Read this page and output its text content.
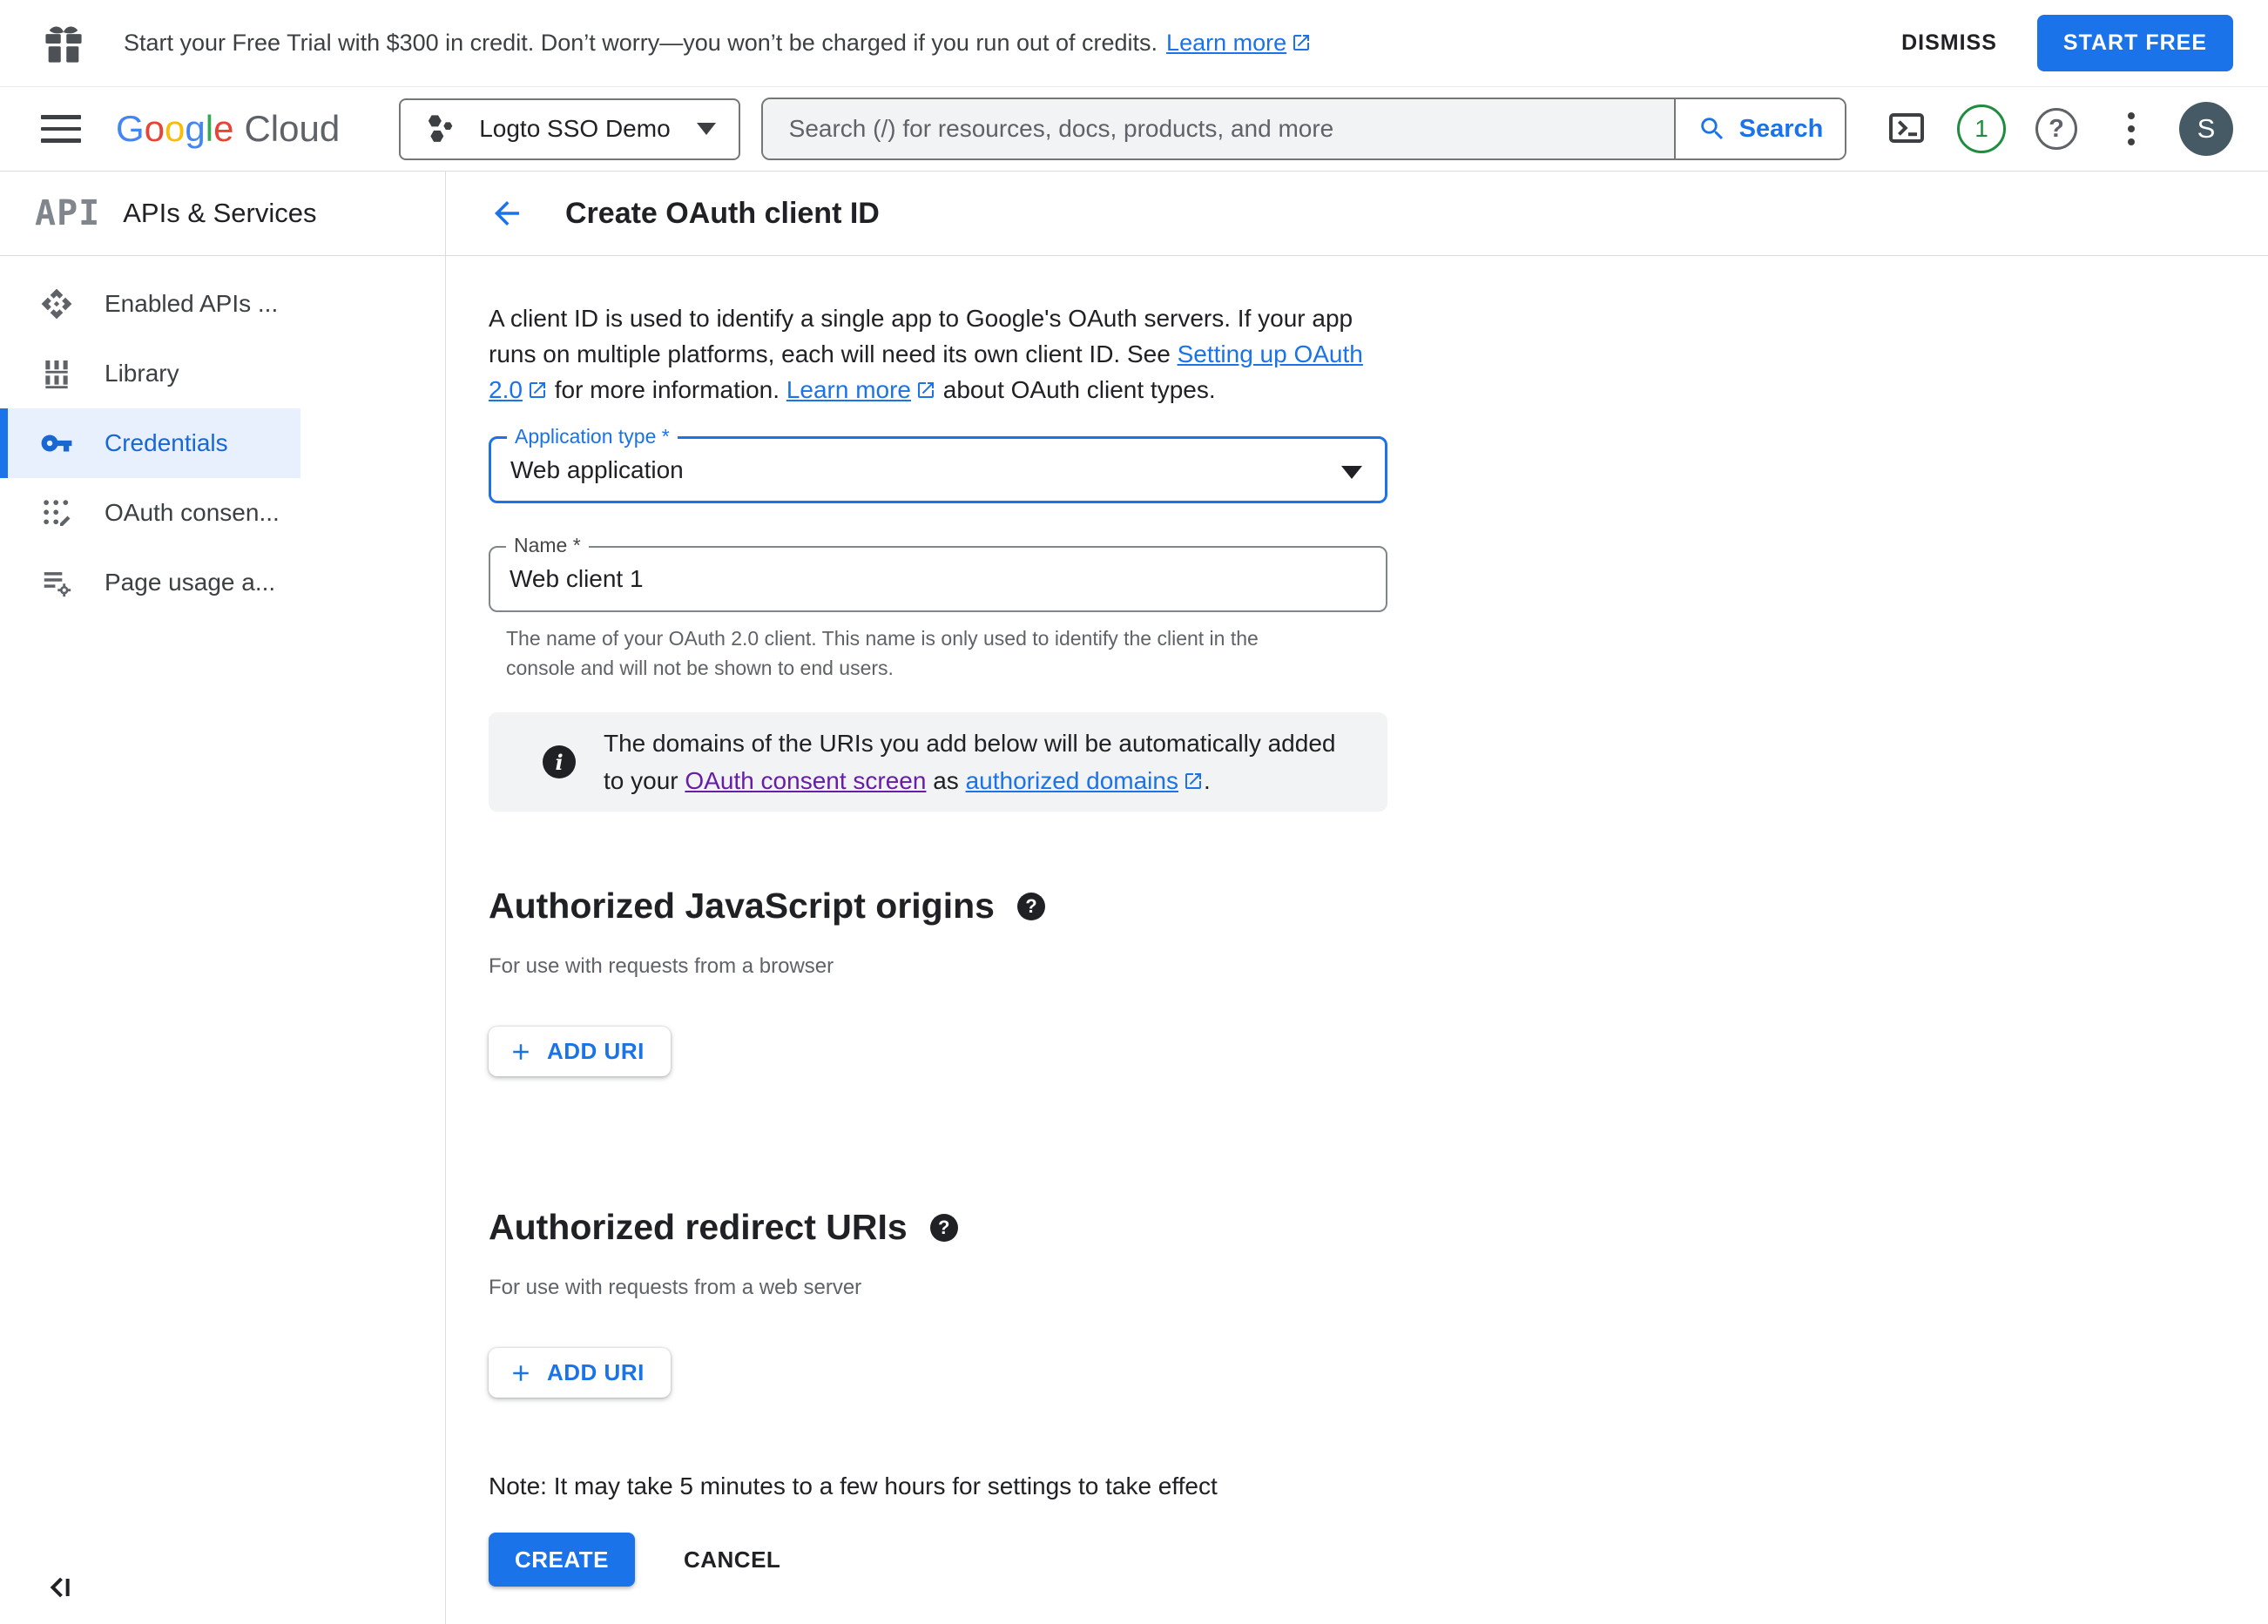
Start your Free Trial with $300 in credit. Don’t worry—you won’t be charged if you run out of credits. Learn more	DISMISS	START FREE
Google Cloud	Logto SSO Demo
Search (/) for resources, docs, products, and more	Search	1	?	S
API APIs & Services
Enabled APIs ...
Library
Credentials
OAuth consen...
Page usage a...
Create OAuth client ID

A client ID is used to identify a single app to Google's OAuth servers. If your app runs on multiple platforms, each will need its own client ID. See Setting up OAuth 2.0 for more information. Learn more about OAuth client types.

Application type *
Web application
Name *
Web client 1

The name of your OAuth 2.0 client. This name is only used to identify the client in the console and will not be shown to end users.

i

The domains of the URIs you add below will be automatically added to your OAuth consent screen as authorized domains .

Authorized JavaScript origins	?

For use with requests from a browser

ADD URI
Authorized redirect URIs	?

For use with requests from a web server

ADD URI

Note: It may take 5 minutes to a few hours for settings to take effect

CREATE	CANCEL
